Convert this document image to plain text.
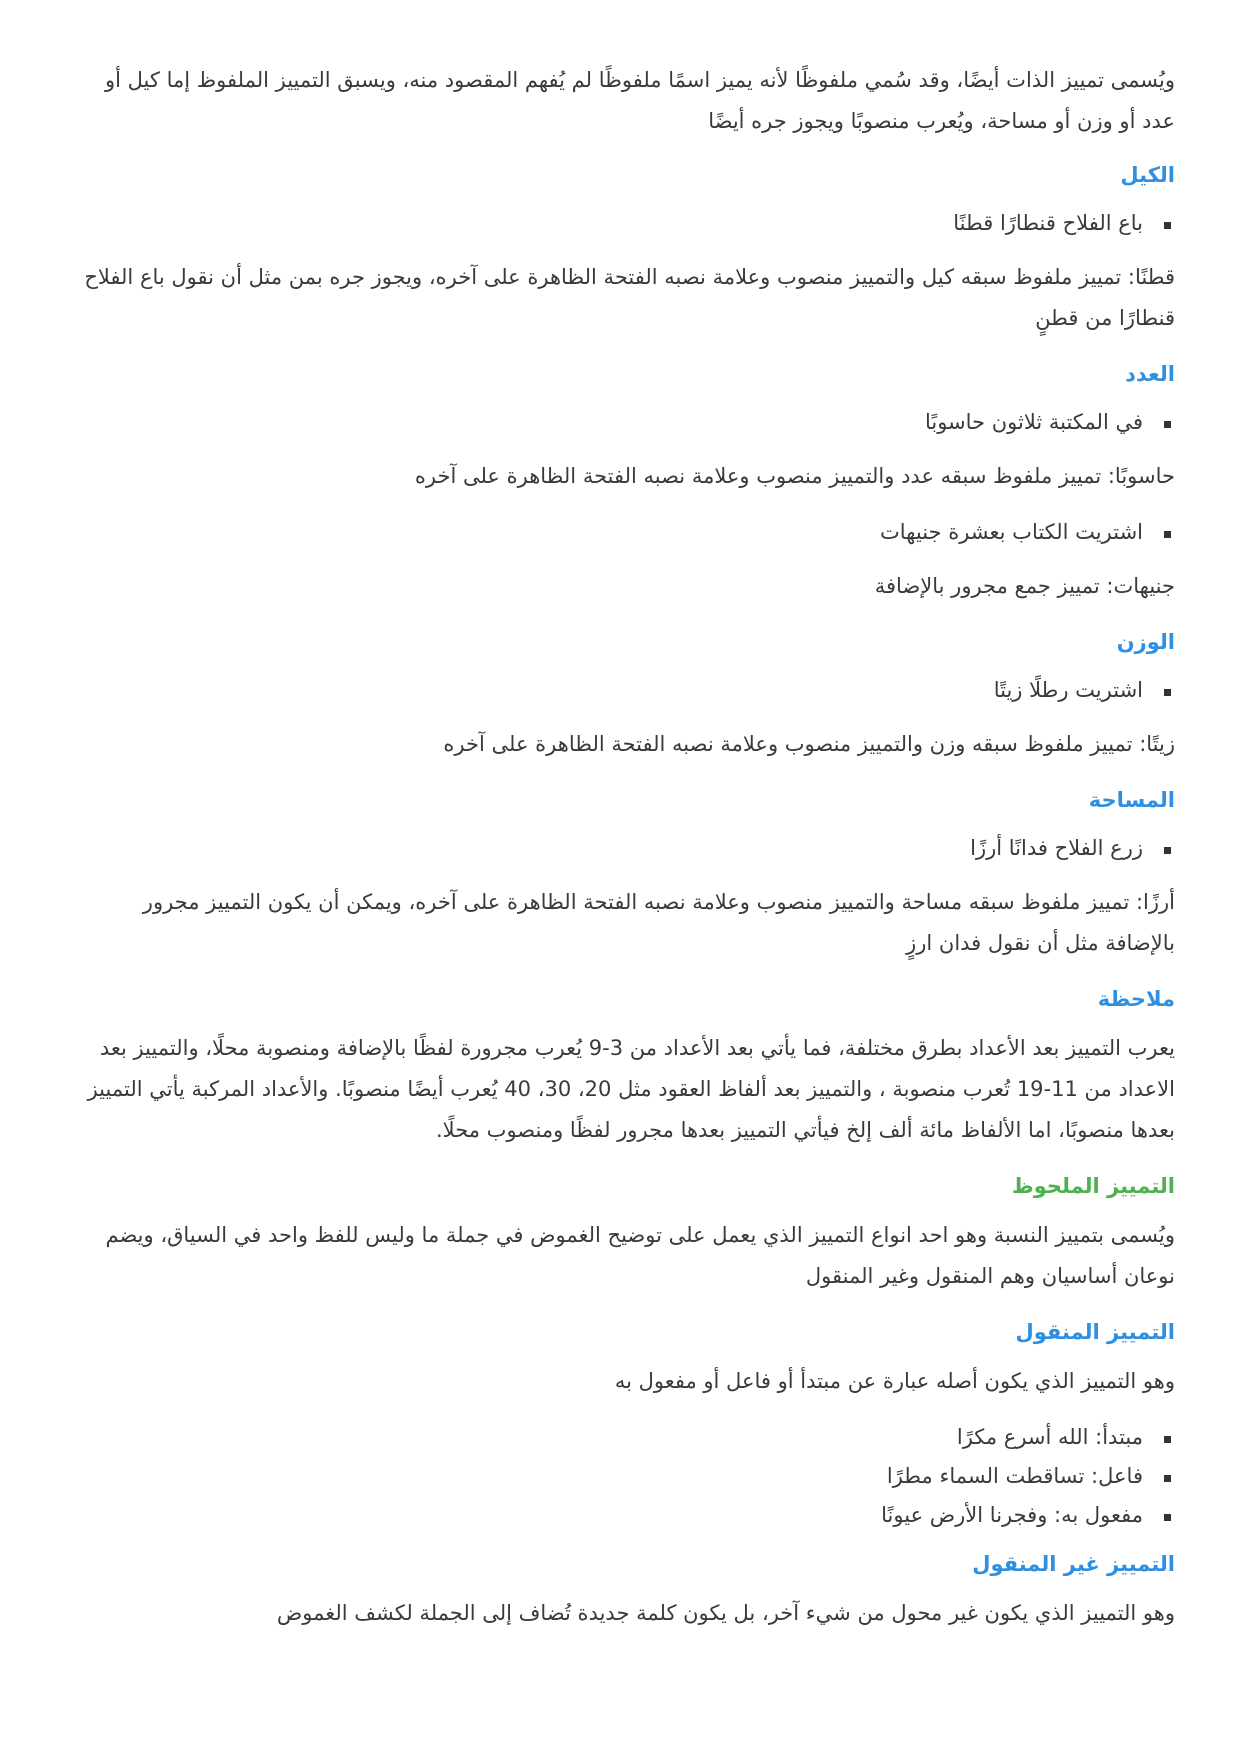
ويُسمى تمييز الذات أيضًا، وقد سُمي ملفوظًا لأنه يميز اسمًا ملفوظًا لم يُفهم المقصود منه، ويسبق التمييز الملفوظ إما كيل أو عدد أو وزن أو مساحة، ويُعرب منصوبًا ويجوز جره أيضًا

الكيل
باع الفلاح قنطارًا قطنًا

قطنًا: تمييز ملفوظ سبقه كيل والتمييز منصوب وعلامة نصبه الفتحة الظاهرة على آخره، ويجوز جره بمن مثل أن نقول باع الفلاح قنطارًا من قطنٍ

العدد
في المكتبة ثلاثون حاسوبًا

حاسوبًا: تمييز ملفوظ سبقه عدد والتمييز منصوب وعلامة نصبه الفتحة الظاهرة على آخره

اشتريت الكتاب بعشرة جنيهات

جنيهات: تمييز جمع مجرور بالإضافة

الوزن
اشتريت رطلًا زيتًا

زيتًا: تمييز ملفوظ سبقه وزن والتمييز منصوب وعلامة نصبه الفتحة الظاهرة على آخره

المساحة
زرع الفلاح فدانًا أرزًا

أرزًا: تمييز ملفوظ سبقه مساحة والتمييز منصوب وعلامة نصبه الفتحة الظاهرة على آخره، ويمكن أن يكون التمييز مجرور بالإضافة مثل أن نقول فدان ارزٍ

ملاحظة

يعرب التمييز بعد الأعداد بطرق مختلفة، فما يأتي بعد الأعداد من 3-9 يُعرب مجرورة لفظًا بالإضافة ومنصوبة محلًا، والتمييز بعد الاعداد من 11-19 تُعرب منصوبة ، والتمييز بعد ألفاظ العقود مثل 20، 30، 40 يُعرب أيضًا منصوبًا. والأعداد المركبة يأتي التمييز بعدها منصوبًا، اما الألفاظ مائة ألف إلخ فيأتي التمييز بعدها مجرور لفظًا ومنصوب محلًا.

التمييز الملحوظ

ويُسمى بتمييز النسبة وهو احد انواع التمييز الذي يعمل على توضيح الغموض في جملة ما وليس للفظ واحد في السياق، ويضم نوعان أساسيان وهم المنقول وغير المنقول

التمييز المنقول

وهو التمييز الذي يكون أصله عبارة عن مبتدأ أو فاعل أو مفعول به

مبتدأ: الله أسرع مكرًا
فاعل: تساقطت السماء مطرًا
مفعول به: وفجرنا الأرض عيونًا
التمييز غير المنقول

وهو التمييز الذي يكون غير محول من شيء آخر، بل يكون كلمة جديدة تُضاف إلى الجملة لكشف الغموض
